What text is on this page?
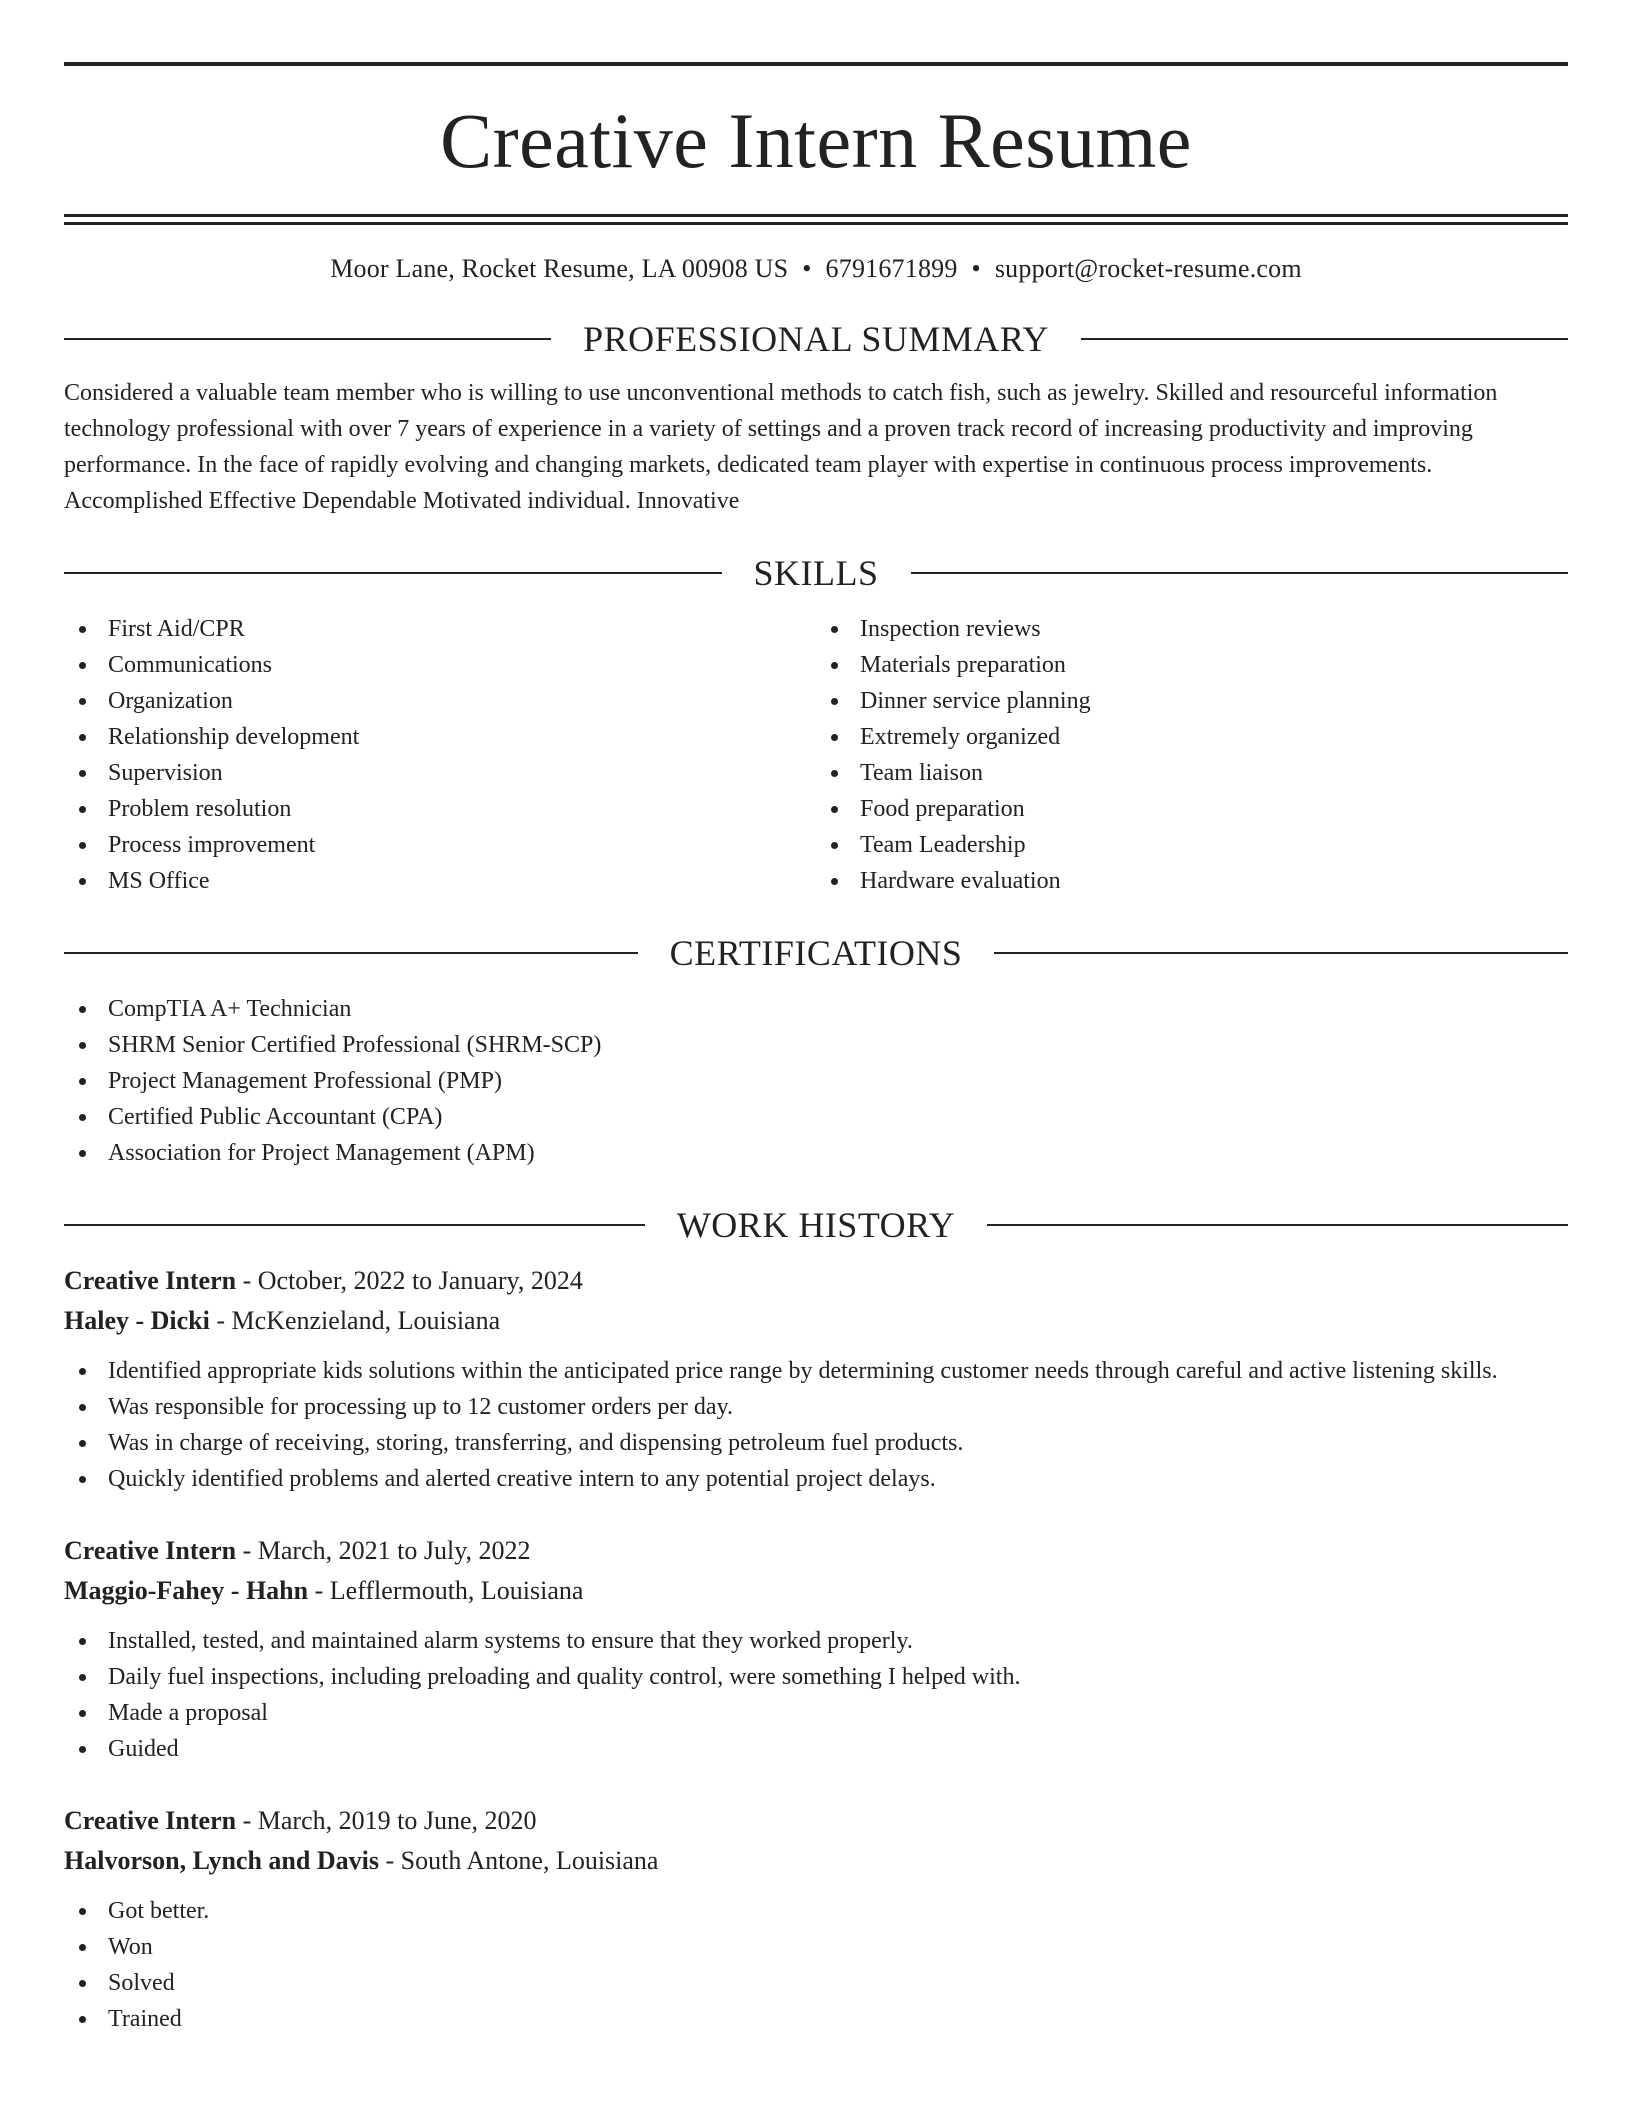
Creative Intern Resume
Moor Lane, Rocket Resume, LA 00908 US • 6791671899 • support@rocket-resume.com
PROFESSIONAL SUMMARY
Considered a valuable team member who is willing to use unconventional methods to catch fish, such as jewelry. Skilled and resourceful information technology professional with over 7 years of experience in a variety of settings and a proven track record of increasing productivity and improving performance. In the face of rapidly evolving and changing markets, dedicated team player with expertise in continuous process improvements. Accomplished Effective Dependable Motivated individual. Innovative
SKILLS
First Aid/CPR
Communications
Organization
Relationship development
Supervision
Problem resolution
Process improvement
MS Office
Inspection reviews
Materials preparation
Dinner service planning
Extremely organized
Team liaison
Food preparation
Team Leadership
Hardware evaluation
CERTIFICATIONS
CompTIA A+ Technician
SHRM Senior Certified Professional (SHRM-SCP)
Project Management Professional (PMP)
Certified Public Accountant (CPA)
Association for Project Management (APM)
WORK HISTORY
Creative Intern - October, 2022 to January, 2024
Haley - Dicki - McKenzieland, Louisiana
Identified appropriate kids solutions within the anticipated price range by determining customer needs through careful and active listening skills.
Was responsible for processing up to 12 customer orders per day.
Was in charge of receiving, storing, transferring, and dispensing petroleum fuel products.
Quickly identified problems and alerted creative intern to any potential project delays.
Creative Intern - March, 2021 to July, 2022
Maggio-Fahey - Hahn - Lefflermouth, Louisiana
Installed, tested, and maintained alarm systems to ensure that they worked properly.
Daily fuel inspections, including preloading and quality control, were something I helped with.
Made a proposal
Guided
Creative Intern - March, 2019 to June, 2020
Halvorson, Lynch and Davis - South Antone, Louisiana
Got better.
Won
Solved
Trained
